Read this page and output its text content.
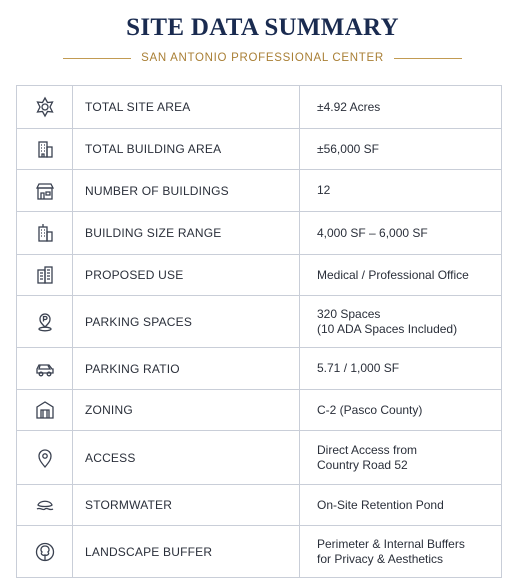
SITE DATA SUMMARY
SAN ANTONIO PROFESSIONAL CENTER
	TOTAL SITE AREA	±4.92 Acres

	TOTAL BUILDING AREA	±56,000 SF

	NUMBER OF BUILDINGS	12

	BUILDING SIZE RANGE	4,000 SF – 6,000 SF

	PROPOSED USE	Medical / Professional Office

	PARKING SPACES	320 Spaces
(10 ADA Spaces Included)

	PARKING RATIO	5.71 / 1,000 SF

	ZONING	C-2 (Pasco County)

	ACCESS	Direct Access from
Country Road 52

	STORMWATER	On-Site Retention Pond

	LANDSCAPE BUFFER	Perimeter & Internal Buffers
for Privacy & Aesthetics
